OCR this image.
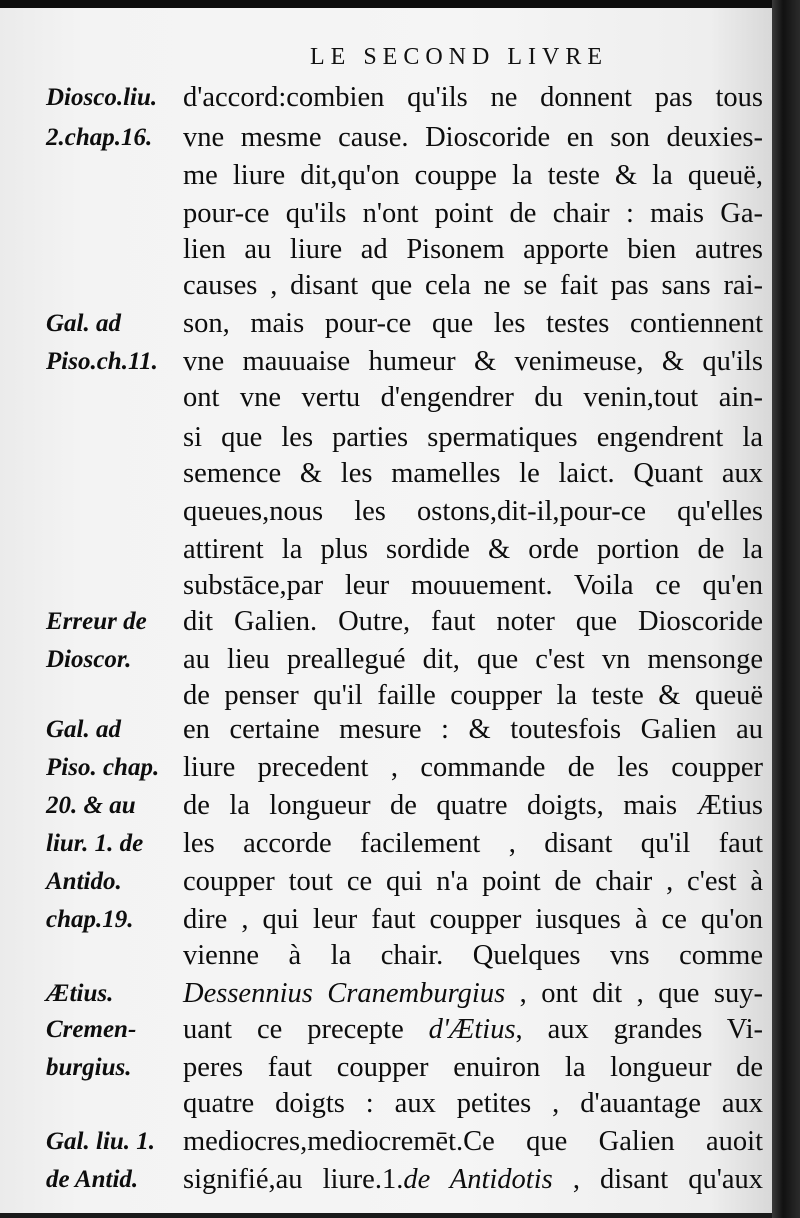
LE SECOND LIVRE
Diosco.liu.
2.chap.16.
Gal. ad
Piso.ch.11.
Erreur de
Dioscor.
Gal. ad
Piso. chap.
20. & au
liur. 1. de
Antido.
chap.19.
Ætius.
Cremen-
burgius.
Gal. liu. 1.
de Antid.
d'accord:combien qu'ils ne donnent pas tous
vne mesme cause. Dioscoride en son deuxies-
me liure dit,qu'on couppe la teste & la queuë,
pour-ce qu'ils n'ont point de chair : mais Ga-
lien au liure ad Pisonem apporte bien autres
causes , disant que cela ne se fait pas sans rai-
son, mais pour-ce que les testes contiennent
vne mauuaise humeur & venimeuse, & qu'ils
ont vne vertu d'engendrer du venin,tout ain-
si que les parties spermatiques engendrent la
semence & les mamelles le laict. Quant aux
queues,nous les ostons,dit-il,pour-ce qu'elles
attirent la plus sordide & orde portion de la
substāce,par leur mouuement. Voila ce qu'en
dit Galien. Outre, faut noter que Dioscoride
au lieu preallegué dit, que c'est vn mensonge
de penser qu'il faille coupper la teste & queuë
en certaine mesure : & toutesfois Galien au
liure precedent , commande de les coupper
de la longueur de quatre doigts, mais Ætius
les accorde facilement , disant qu'il faut
coupper tout ce qui n'a point de chair , c'est à
dire , qui leur faut coupper iusques à ce qu'on
vienne à la chair. Quelques vns comme
Dessennius Cranemburgius , ont dit , que suy-
uant ce precepte d'Ætius, aux grandes Vi-
peres faut coupper enuiron la longueur de
quatre doigts : aux petites , d'auantage aux
mediocres,mediocremēt.Ce que Galien auoit
signifié,au liure.1.de Antidotis , disant qu'aux
